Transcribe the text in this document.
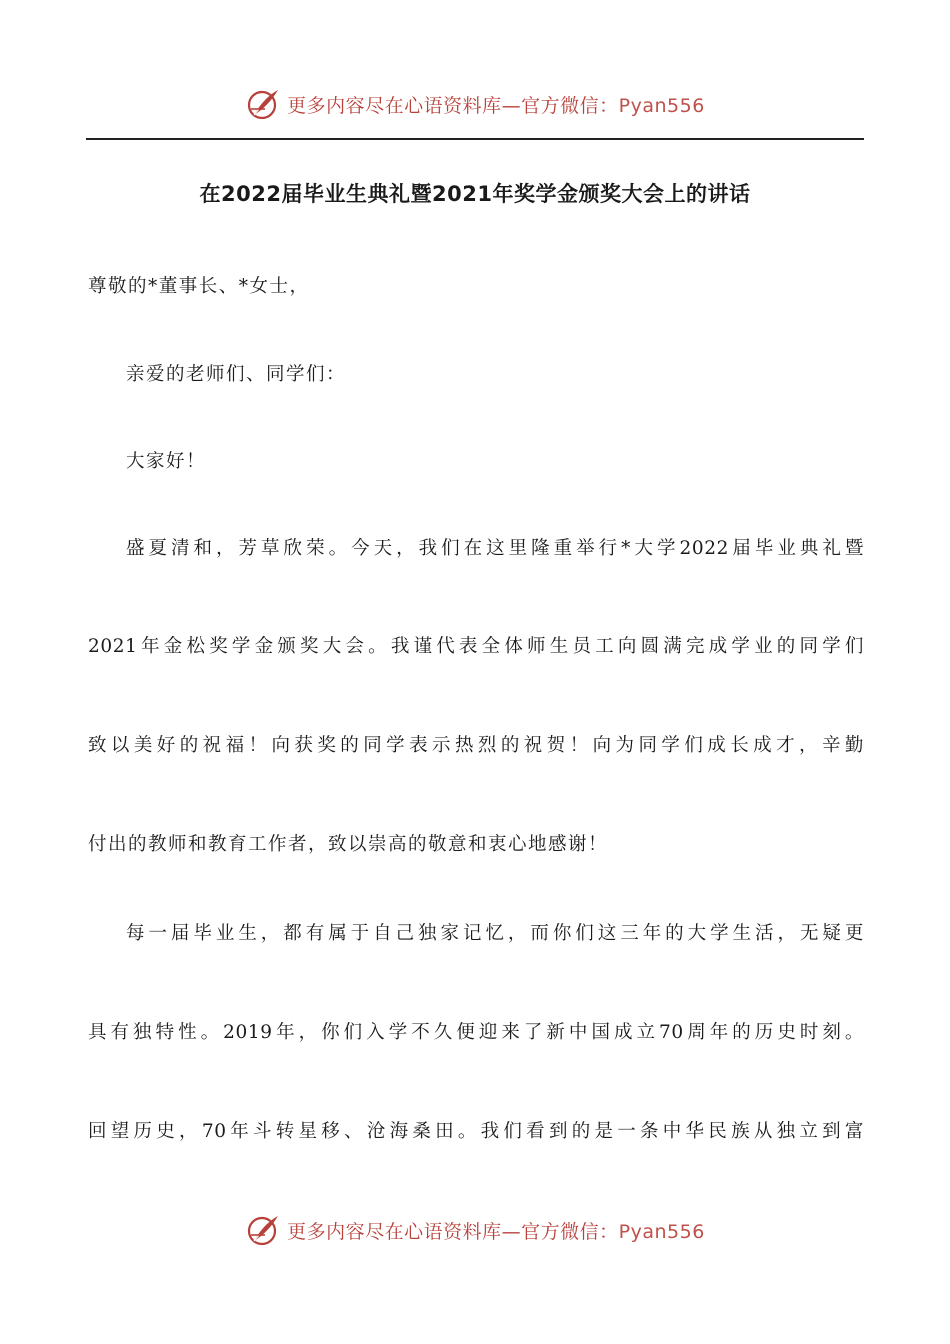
更多内容尽在心语资料库—官方微信：Pyan556
在2022届毕业生典礼暨2021年奖学金颁奖大会上的讲话
尊敬的*董事长、*女士，
亲爱的老师们、同学们：
大家好！
盛夏清和，芳草欣荣。今天，我们在这里隆重举行*大学2022届毕业典礼暨
2021年金松奖学金颁奖大会。我谨代表全体师生员工向圆满完成学业的同学们
致以美好的祝福！向获奖的同学表示热烈的祝贺！向为同学们成长成才，辛勤
付出的教师和教育工作者，致以崇高的敬意和衷心地感谢！
每一届毕业生，都有属于自己独家记忆，而你们这三年的大学生活，无疑更
具有独特性。2019年，你们入学不久便迎来了新中国成立70周年的历史时刻。
回望历史，70年斗转星移、沧海桑田。我们看到的是一条中华民族从独立到富
更多内容尽在心语资料库—官方微信：Pyan556
